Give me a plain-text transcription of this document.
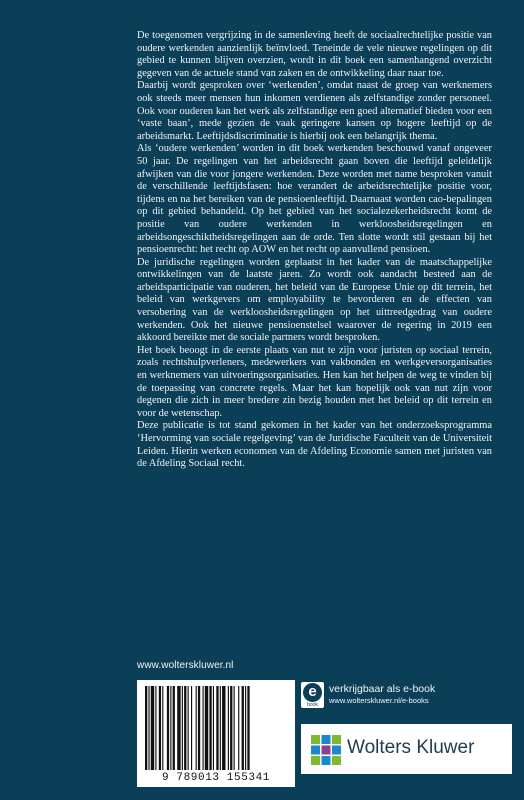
De toegenomen vergrijzing in de samenleving heeft de sociaalrechtelijke positie van oudere werkenden aanzienlijk beïnvloed. Teneinde de vele nieuwe regelingen op dit gebied te kunnen blijven overzien, wordt in dit boek een samenhangend overzicht gegeven van de actuele stand van zaken en de ontwikkeling daar naar toe.

Daarbij wordt gesproken over ‘werkenden’, omdat naast de groep van werknemers ook steeds meer mensen hun inkomen verdienen als zelfstandige zonder personeel. Ook voor ouderen kan het werk als zelfstandige een goed alternatief bieden voor een ‘vaste baan’, mede gezien de vaak geringere kansen op hogere leeftijd op de arbeidsmarkt. Leeftijdsdiscriminatie is hierbij ook een belangrijk thema.

Als ‘oudere werkenden’ worden in dit boek werkenden beschouwd vanaf ongeveer 50 jaar. De regelingen van het arbeidsrecht gaan boven die leeftijd geleidelijk afwijken van die voor jongere werkenden. Deze worden met name besproken vanuit de verschillende leeftijdsfasen: hoe verandert de arbeidsrechtelijke positie voor, tijdens en na het bereiken van de pensioenleeftijd. Daarnaast worden cao-bepalingen op dit gebied behandeld. Op het gebied van het socialezekerheidsrecht komt de positie van oudere werkenden in werkloosheidsregelingen en arbeidsongeschiktheidsregelingen aan de orde. Ten slotte wordt stil gestaan bij het pensioenrecht: het recht op AOW en het recht op aanvullend pensioen.

De juridische regelingen worden geplaatst in het kader van de maatschappelijke ontwikkelingen van de laatste jaren. Zo wordt ook aandacht besteed aan de arbeidsparticipatie van ouderen, het beleid van de Europese Unie op dit terrein, het beleid van werkgevers om employability te bevorderen en de effecten van versobering van de werkloosheidsregelingen op het uittreedgedrag van oudere werkenden. Ook het nieuwe pensioenstelsel waarover de regering in 2019 een akkoord bereikte met de sociale partners wordt besproken.

Het boek beoogt in de eerste plaats van nut te zijn voor juristen op sociaal terrein, zoals rechtshulpverleners, medewerkers van vakbonden en werkgeversorganisaties en werknemers van uitvoeringsorganisaties. Hen kan het helpen de weg te vinden bij de toepassing van concrete regels. Maar het kan hopelijk ook van nut zijn voor degenen die zich in meer bredere zin bezig houden met het beleid op dit terrein en voor de wetenschap.

Deze publicatie is tot stand gekomen in het kader van het onderzoeksprogramma ‘Hervorming van sociale regelgeving’ van de Juridische Faculteit van de Universiteit Leiden. Hierin werken economen van de Afdeling Economie samen met juristen van de Afdeling Sociaal recht.

www.wolterskluwer.nl
9 789013 155341
e
book
verkrijgbaar als e-book
www.wolterskluwer.nl/e-books
Wolters Kluwer
